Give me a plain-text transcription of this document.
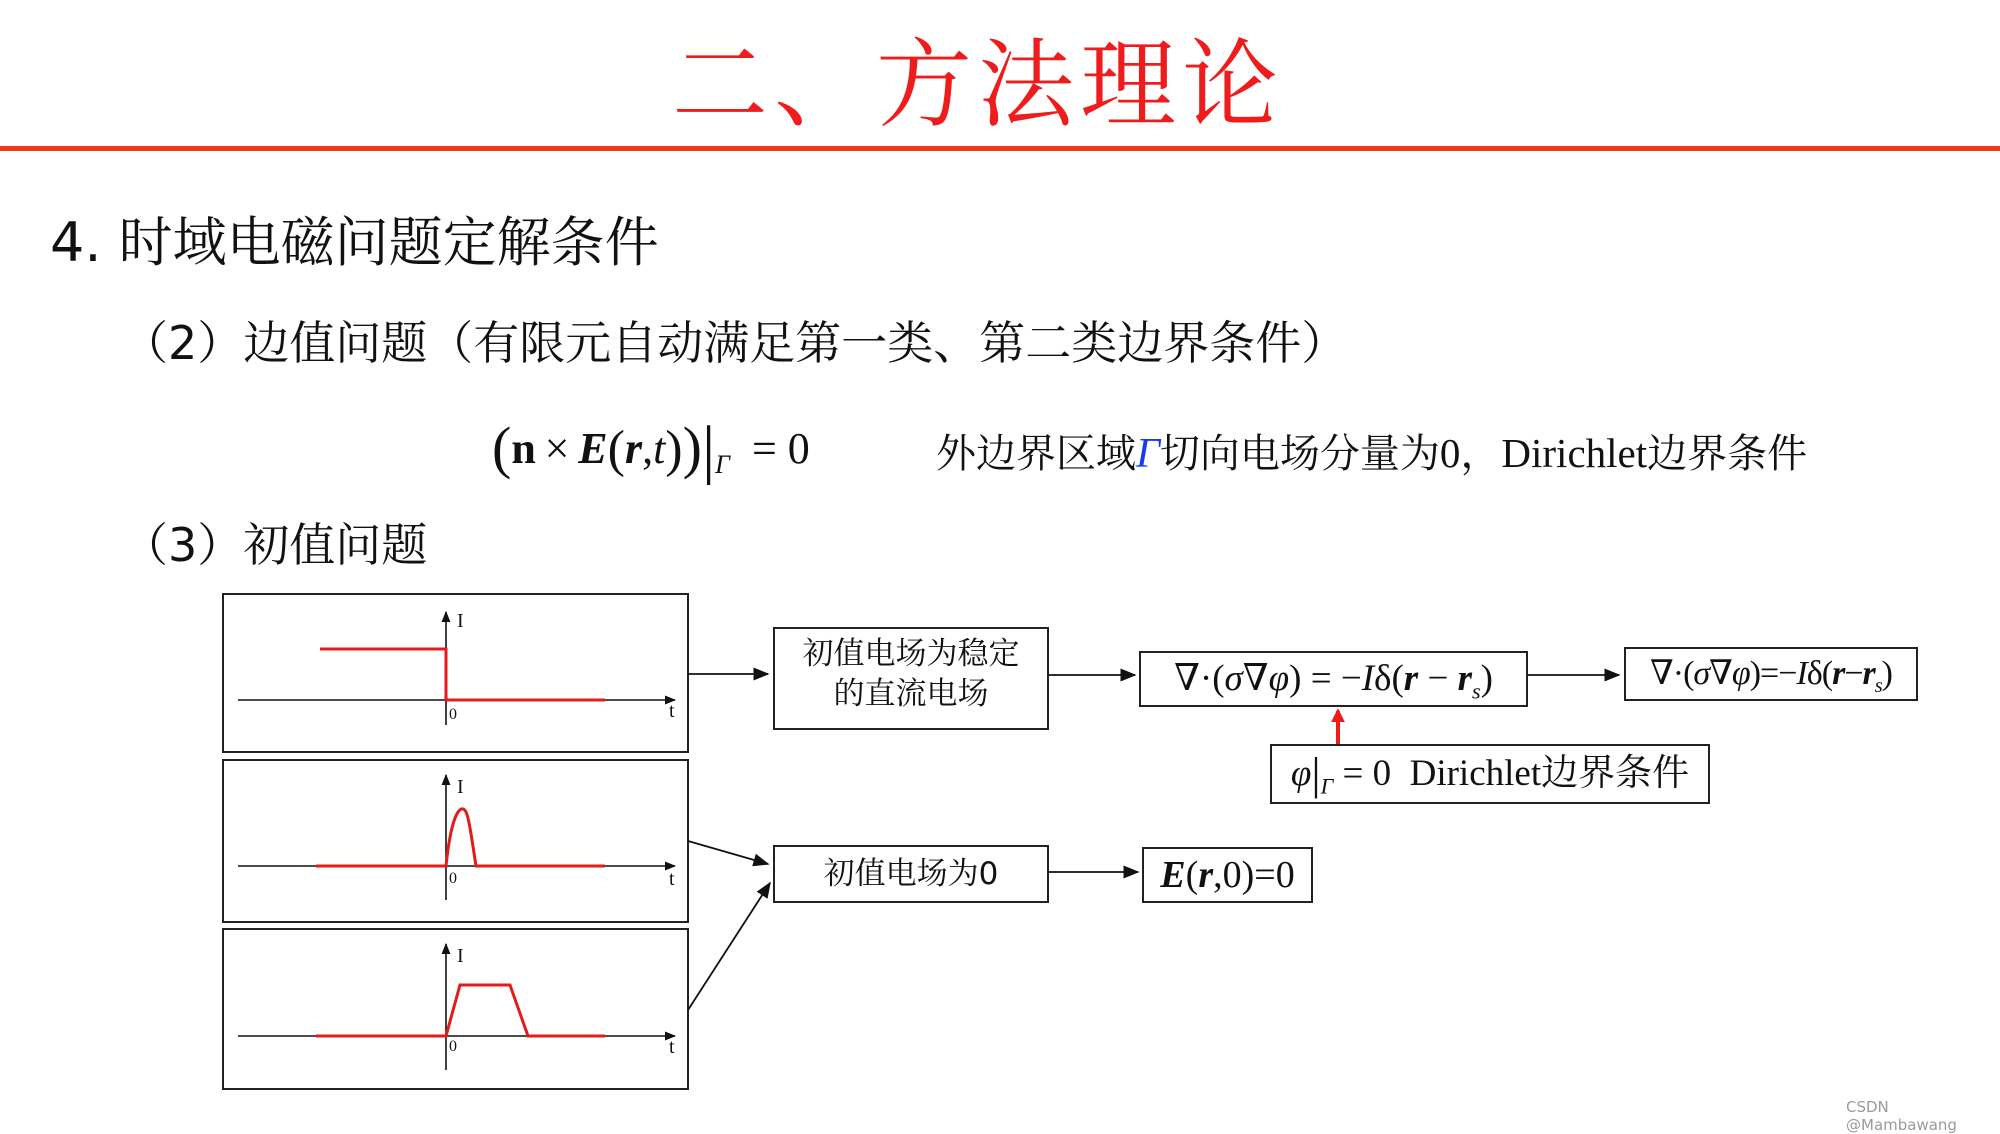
二、方法理论
4. 时域电磁问题定解条件
（2）边值问题（有限元自动满足第一类、第二类边界条件）
$(n \times E(r,t))|_\Gamma = 0$	外边界区域Γ切向电场分量为0，Dirichlet边界条件
（3）初值问题
I
t
0
I
t
0
I
t
0
初值电场为稳定
的直流电场
初值电场为0
$\nabla\cdot(\sigma\nabla\varphi) = -I\delta(r - r_s)$	$\nabla\cdot(\sigma\nabla\varphi)=-I\delta(r-r_s)$
$\varphi|_\Gamma = 0$  Dirichlet边界条件
E(r,0)=0
CSDN @Mambawang
